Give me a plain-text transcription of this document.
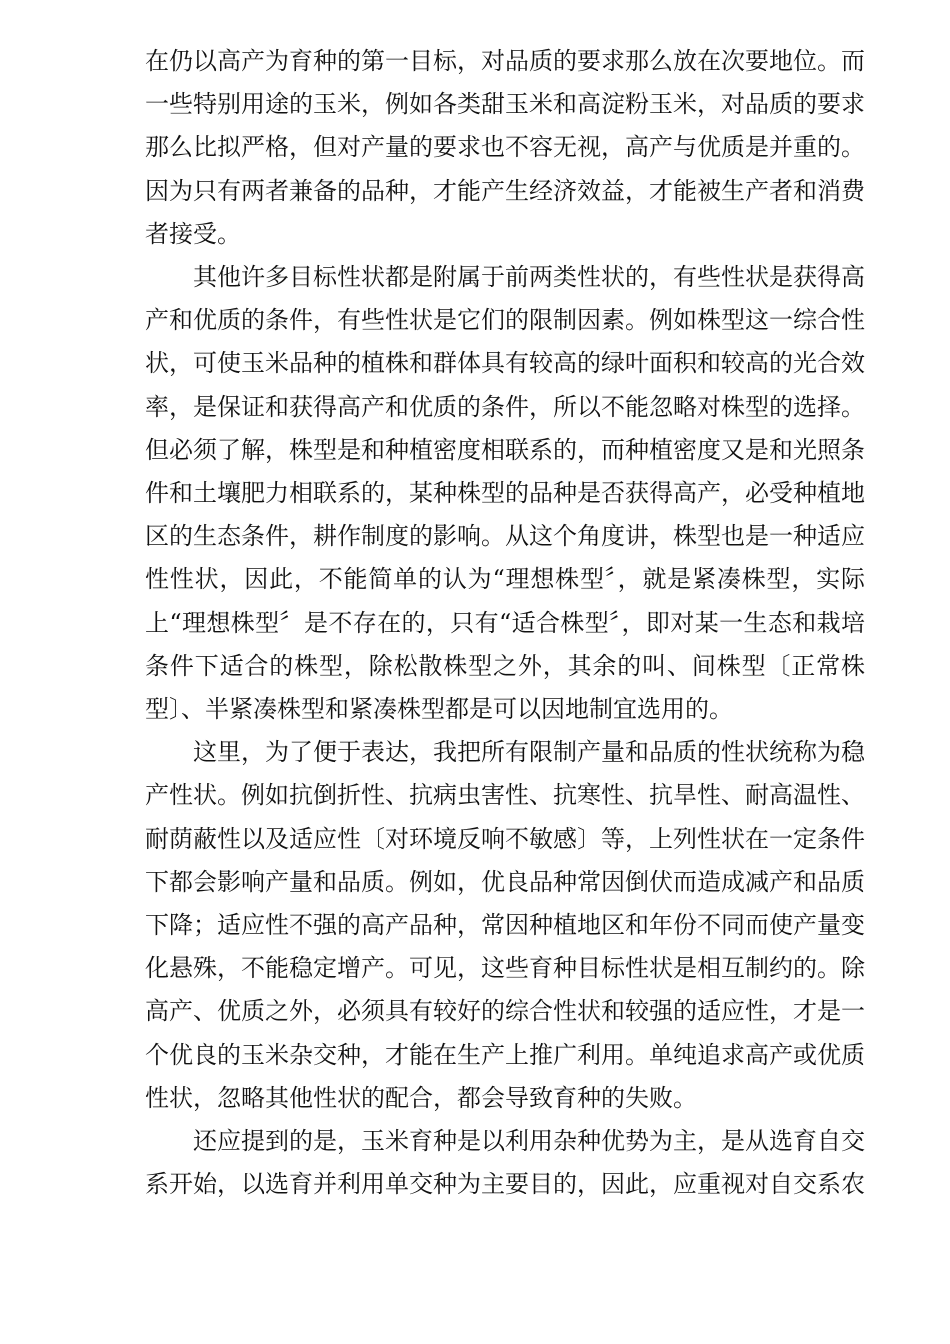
在仍以高产为育种的第一目标，对品质的要求那么放在次要地位。而一些特别用途的玉米，例如各类甜玉米和高淀粉玉米，对品质的要求那么比拟严格，但对产量的要求也不容无视，高产与优质是并重的。因为只有两者兼备的品种，才能产生经济效益，才能被生产者和消费者接受。

其他许多目标性状都是附属于前两类性状的，有些性状是获得高产和优质的条件，有些性状是它们的限制因素。例如株型这一综合性状，可使玉米品种的植株和群体具有较高的绿叶面积和较高的光合效率，是保证和获得高产和优质的条件，所以不能忽略对株型的选择。但必须了解，株型是和种植密度相联系的，而种植密度又是和光照条件和土壤肥力相联系的，某种株型的品种是否获得高产，必受种植地区的生态条件，耕作制度的影响。从这个角度讲，株型也是一种适应性性状，因此，不能简单的认为“理想株型〞，就是紧凑株型，实际上“理想株型〞是不存在的，只有“适合株型〞，即对某一生态和栽培条件下适合的株型，除松散株型之外，其余的叫、间株型〔正常株型〕、半紧凑株型和紧凑株型都是可以因地制宜选用的。

这里，为了便于表达，我把所有限制产量和品质的性状统称为稳产性状。例如抗倒折性、抗病虫害性、抗寒性、抗旱性、耐高温性、耐荫蔽性以及适应性〔对环境反响不敏感〕等，上列性状在一定条件下都会影响产量和品质。例如，优良品种常因倒伏而造成减产和品质下降；适应性不强的高产品种，常因种植地区和年份不同而使产量变化悬殊，不能稳定增产。可见，这些育种目标性状是相互制约的。除高产、优质之外，必须具有较好的综合性状和较强的适应性，才是一个优良的玉米杂交种，才能在生产上推广利用。单纯追求高产或优质性状，忽略其他性状的配合，都会导致育种的失败。

还应提到的是，玉米育种是以利用杂种优势为主，是从选育自交系开始，以选育并利用单交种为主要目的，因此，应重视对自交系农
